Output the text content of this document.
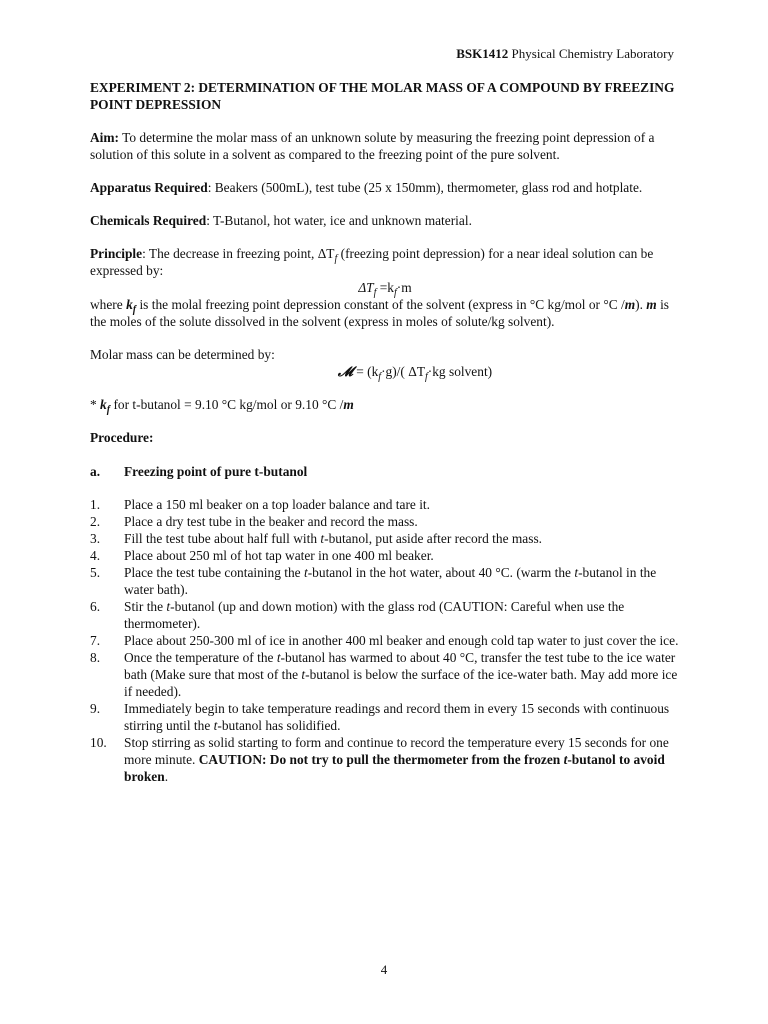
BSK1412 Physical Chemistry Laboratory
EXPERIMENT 2: DETERMINATION OF THE MOLAR MASS OF A COMPOUND BY FREEZING POINT DEPRESSION

Aim: To determine the molar mass of an unknown solute by measuring the freezing point depression of a solution of this solute in a solvent as compared to the freezing point of the pure solvent.

Apparatus Required: Beakers (500mL), test tube (25 x 150mm), thermometer, glass rod and hotplate.

Chemicals Required: T-Butanol, hot water, ice and unknown material.

Principle: The decrease in freezing point, $\Delta T_f$ (freezing point depression) for a near ideal solution can be expressed by:
$\Delta T_f =k_f\cdot m$

where $k_f$ is the molal freezing point depression constant of the solvent (express in °C kg/mol or °C /m). m is the moles of the solute dissolved in the solvent (express in moles of solute/kg solvent).

Molar mass can be determined by:

𝓜 = $(k_f\cdot g)/$( $\Delta T_f\cdot kg$ solvent)

* $k_f$ for t-butanol = 9.10 °C kg/mol or 9.10 °C /m

Procedure:
a.	Freezing point of pure t-butanol
1.	Place a 150 ml beaker on a top loader balance and tare it.
2.	Place a dry test tube in the beaker and record the mass.
3.	Fill the test tube about half full with t-butanol, put aside after record the mass.
4.	Place about 250 ml of hot tap water in one 400 ml beaker.
5.	Place the test tube containing the t-butanol in the hot water, about 40 °C. (warm the t-butanol in the water bath).
6.	Stir the t-butanol (up and down motion) with the glass rod (CAUTION: Careful when use the thermometer).
7.	Place about 250-300 ml of ice in another 400 ml beaker and enough cold tap water to just cover the ice.
8.	Once the temperature of the t-butanol has warmed to about 40 °C, transfer the test tube to the ice water bath (Make sure that most of the t-butanol is below the surface of the ice-water bath. May add more ice if needed).
9.	Immediately begin to take temperature readings and record them in every 15 seconds with continuous stirring until the t-butanol has solidified.
10.	Stop stirring as solid starting to form and continue to record the temperature every 15 seconds for one more minute. CAUTION: Do not try to pull the thermometer from the frozen t-butanol to avoid broken.
4
